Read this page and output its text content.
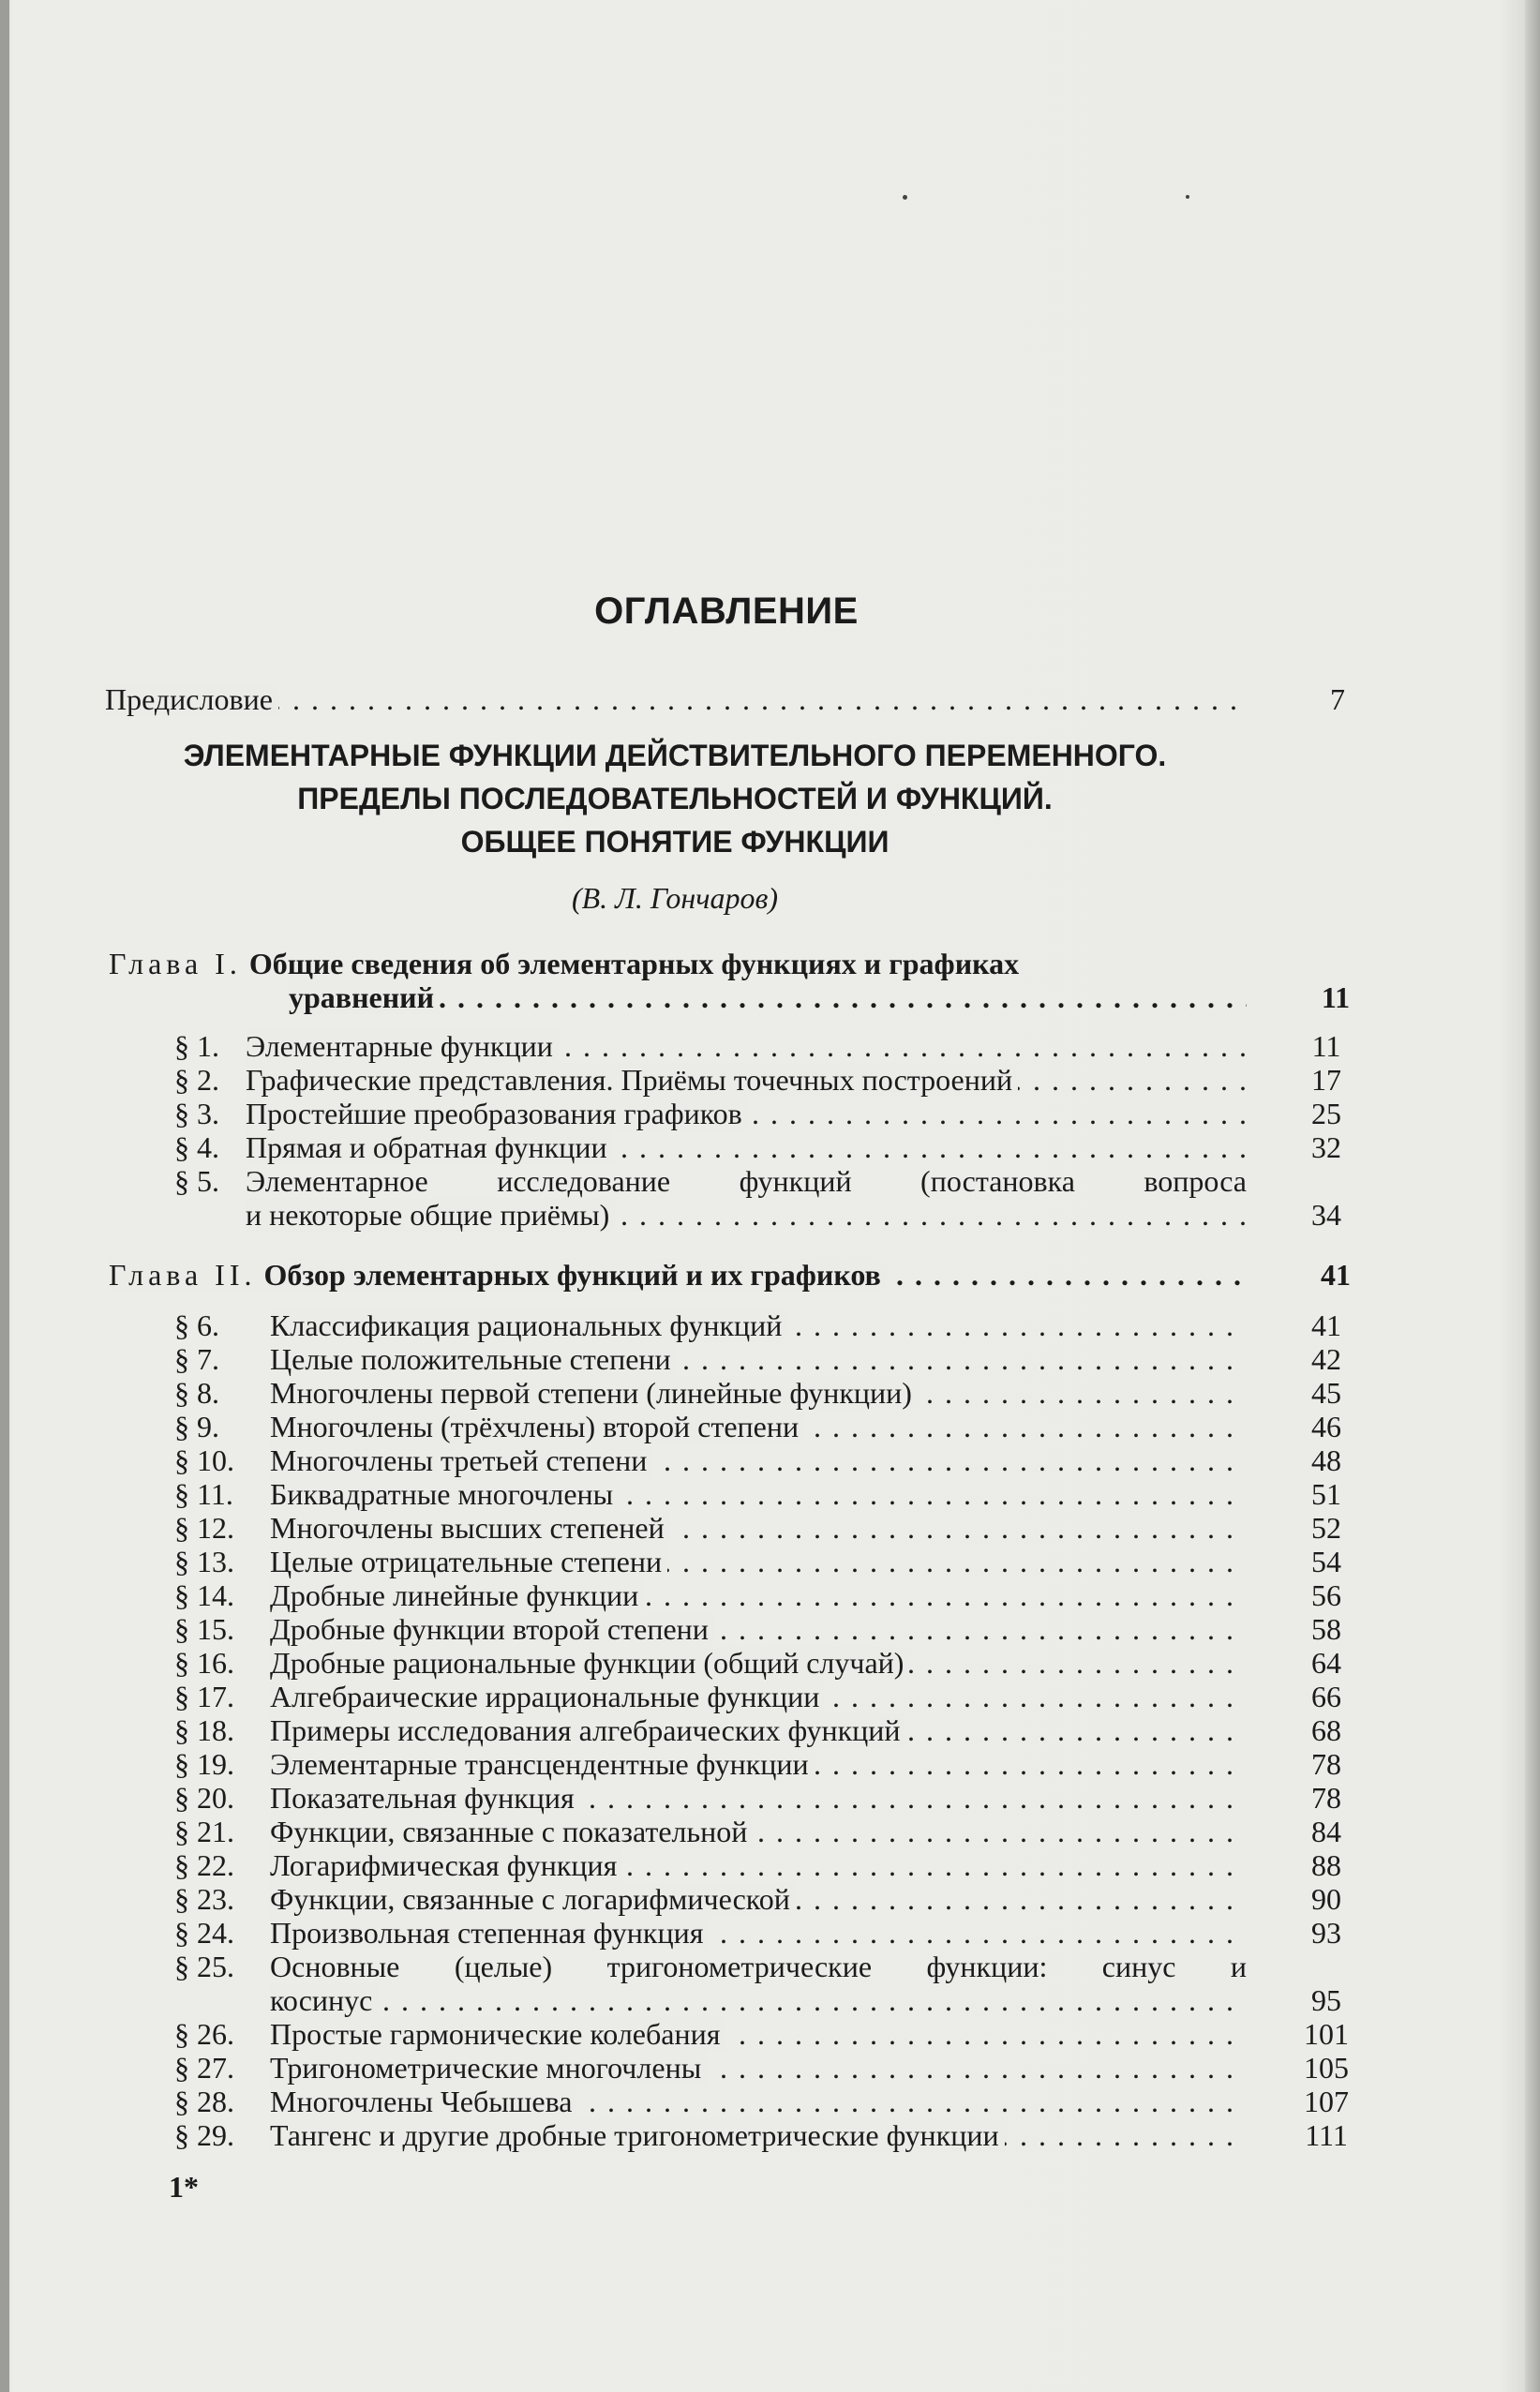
ОГЛАВЛЕНИЕ
Предисловие . . .	7
ЭЛЕМЕНТАРНЫЕ ФУНКЦИИ ДЕЙСТВИТЕЛЬНОГО ПЕРЕМЕННОГО.
ПРЕДЕЛЫ ПОСЛЕДОВАТЕЛЬНОСТЕЙ И ФУНКЦИЙ.
ОБЩЕЕ ПОНЯТИЕ ФУНКЦИИ
(В. Л. Гончаров)
Глава I. Общие сведения об элементарных функциях и графиках
уравнений . . .	11
§ 1. Элементарные функции . . .	11
§ 2. Графические представления. Приёмы точечных построений . . .	17
§ 3. Простейшие преобразования графиков . . .	25
§ 4. Прямая и обратная функции . . .	32
§ 5. Элементарное исследование функций (постановка вопроса
и некоторые общие приёмы) . . .	34
Глава II. Обзор элементарных функций и их графиков . . .	41
§ 6. Классификация рациональных функций . . .	41
§ 7. Целые положительные степени . . .	42
§ 8. Многочлены первой степени (линейные функции) . . .	45
§ 9. Многочлены (трёхчлены) второй степени . . .	46
§ 10. Многочлены третьей степени . . .	48
§ 11. Биквадратные многочлены . . .	51
§ 12. Многочлены высших степеней . . .	52
§ 13. Целые отрицательные степени . . .	54
§ 14. Дробные линейные функции . . .	56
§ 15. Дробные функции второй степени . . .	58
§ 16. Дробные рациональные функции (общий случай) . . .	64
§ 17. Алгебраические иррациональные функции . . .	66
§ 18. Примеры исследования алгебраических функций . . .	68
§ 19. Элементарные трансцендентные функции . . .	78
§ 20. Показательная функция . . .	78
§ 21. Функции, связанные с показательной . . .	84
§ 22. Логарифмическая функция . . .	88
§ 23. Функции, связанные с логарифмической . . .	90
§ 24. Произвольная степенная функция . . .	93
§ 25. Основные (целые) тригонометрические функции: синус и
косинус . . .	95
§ 26. Простые гармонические колебания . . .	101
§ 27. Тригонометрические многочлены . . .	105
§ 28. Многочлены Чебышева . . .	107
§ 29. Тангенс и другие дробные тригонометрические функции . . .	111
1*
